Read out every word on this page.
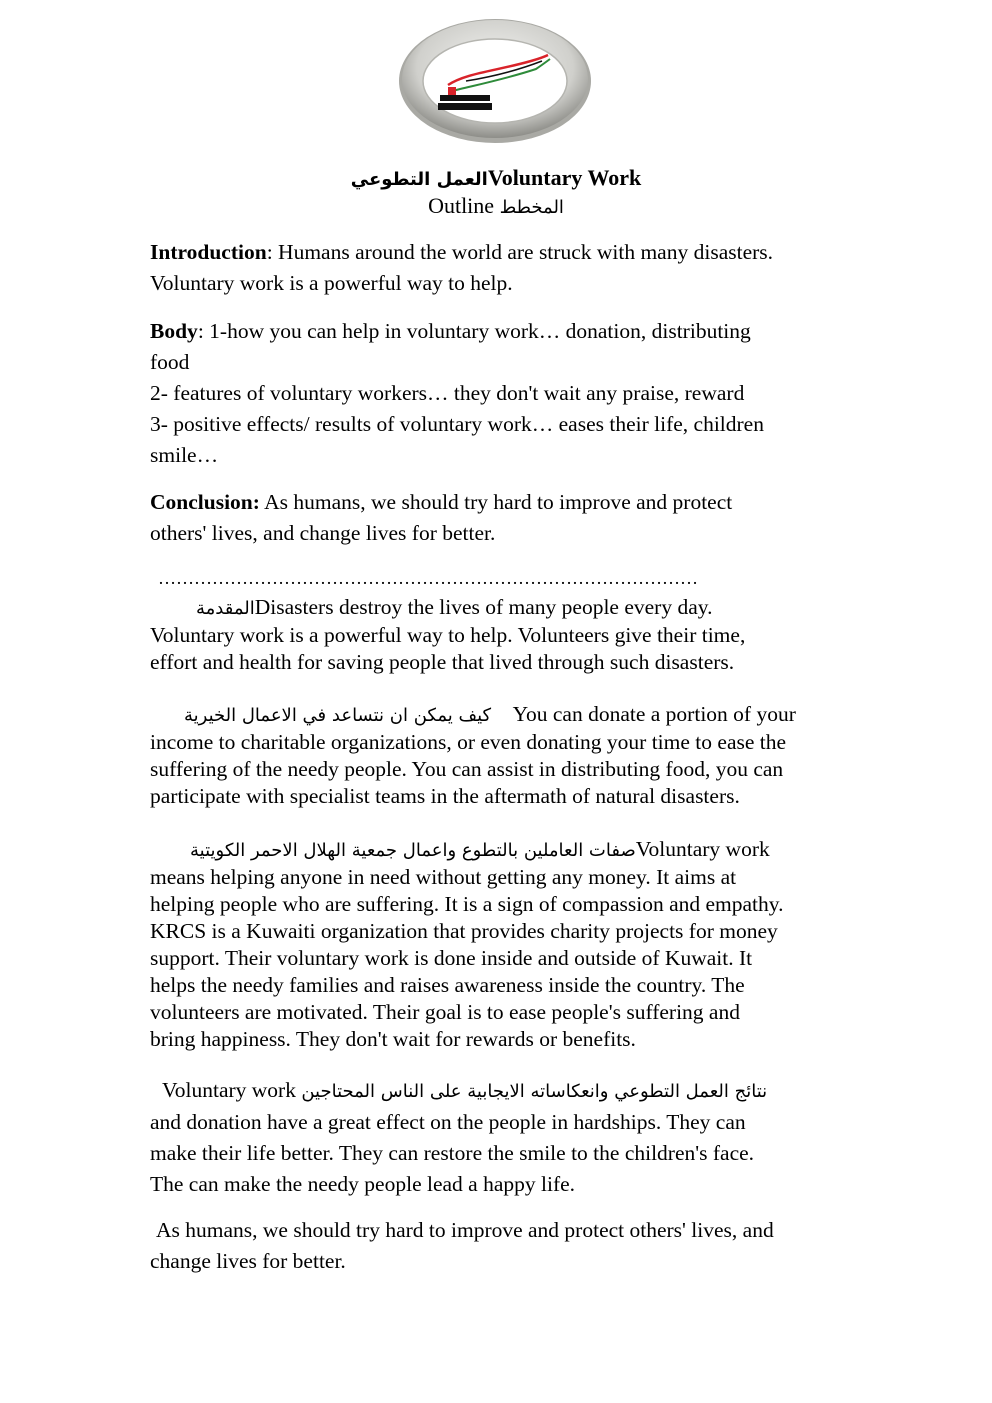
العمل التطوعيVoluntary Work
Outline المخطط
Introduction: Humans around the world are struck with many disasters.
Voluntary work is a powerful way to help.
Body: 1-how you can help in voluntary work… donation, distributing
food
2- features of voluntary workers… they don't wait any praise, reward
3- positive effects/ results of voluntary work… eases their life, children
smile…
Conclusion: As humans, we should try hard to improve and protect
others' lives, and change lives for better.
………………………………………………………………………………
المقدمةDisasters destroy the lives of many people every day.
Voluntary work is a powerful way to help. Volunteers give their time,
effort and health for saving people that lived through such disasters.
كيف يمكن ان نتساعد في الاعمال الخيرية You can donate a portion of your
income to charitable organizations, or even donating your time to ease the
suffering of the needy people. You can assist in distributing food, you can
participate with specialist teams in the aftermath of natural disasters.
صفات العاملين بالتطوع واعمال جمعية الهلال الاحمر الكويتيةVoluntary work
means helping anyone in need without getting any money. It aims at
helping people who are suffering. It is a sign of compassion and empathy.
KRCS is a Kuwaiti organization that provides charity projects for money
support. Their voluntary work is done inside and outside of Kuwait. It
helps the needy families and raises awareness inside the country. The
volunteers are motivated. Their goal is to ease people's suffering and
bring happiness. They don't wait for rewards or benefits.
Voluntary work نتائج العمل التطوعي وانعكاساته الايجابية على الناس المحتاجين
and donation have a great effect on the people in hardships. They can
make their life better. They can restore the smile to the children's face.
The can make the needy people lead a happy life.
As humans, we should try hard to improve and protect others' lives, and
change lives for better.
